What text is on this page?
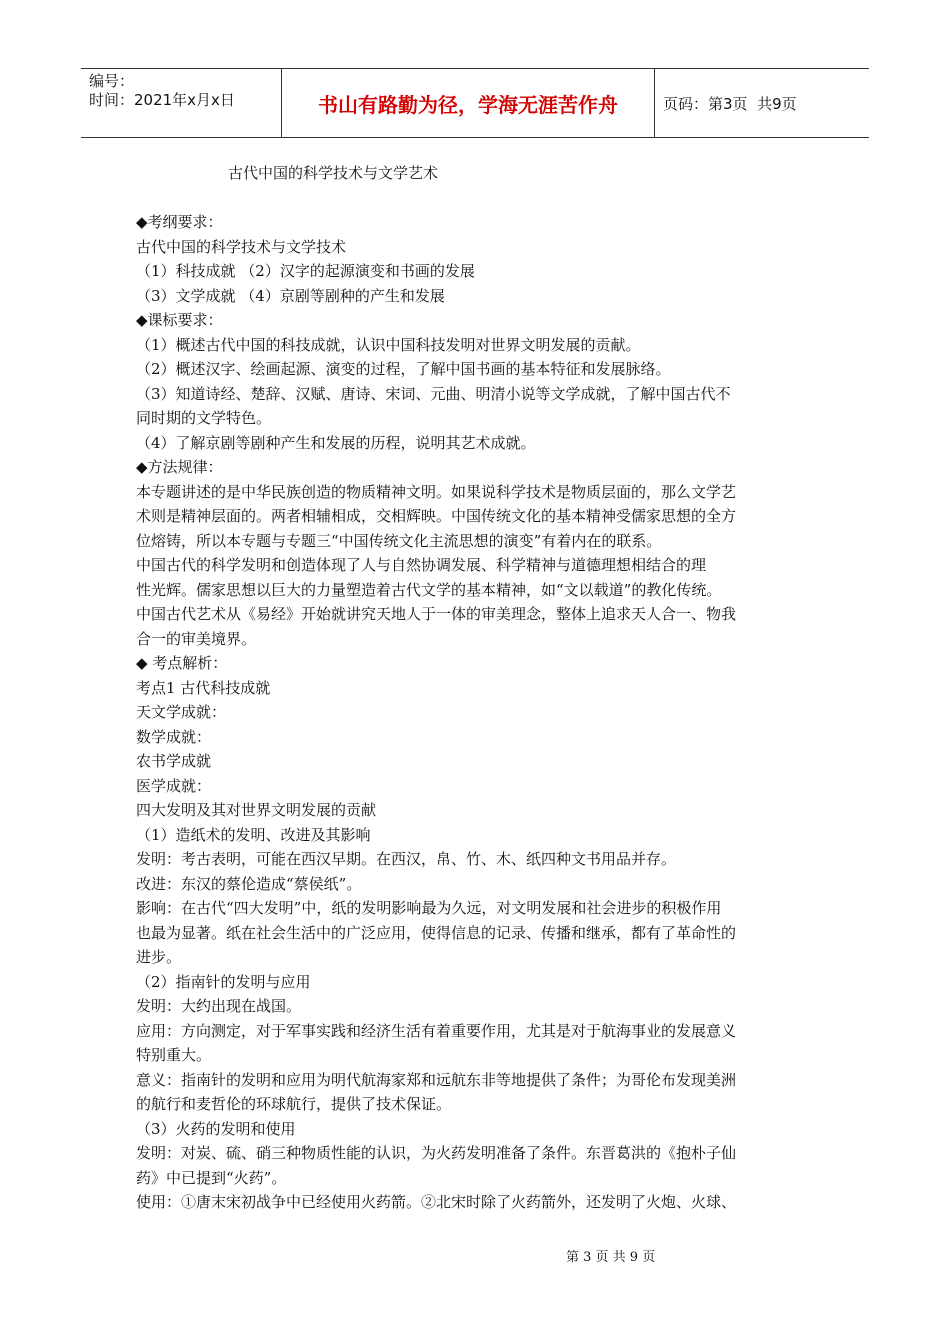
编号：
时间：2021年x月x日	书山有路勤为径，学海无涯苦作舟	页码：第3页  共9页
古代中国的科学技术与文学艺术
◆考纲要求：
古代中国的科学技术与文学技术
（1）科技成就 （2）汉字的起源演变和书画的发展
（3）文学成就 （4）京剧等剧种的产生和发展
◆课标要求：
（1）概述古代中国的科技成就，认识中国科技发明对世界文明发展的贡献。
（2）概述汉字、绘画起源、演变的过程，了解中国书画的基本特征和发展脉络。
（3）知道诗经、楚辞、汉赋、唐诗、宋词、元曲、明清小说等文学成就，了解中国古代不
同时期的文学特色。
（4）了解京剧等剧种产生和发展的历程，说明其艺术成就。
◆方法规律：
本专题讲述的是中华民族创造的物质精神文明。如果说科学技术是物质层面的，那么文学艺
术则是精神层面的。两者相辅相成，交相辉映。中国传统文化的基本精神受儒家思想的全方
位熔铸，所以本专题与专题三“中国传统文化主流思想的演变”有着内在的联系。
中国古代的科学发明和创造体现了人与自然协调发展、科学精神与道德理想相结合的理
性光辉。儒家思想以巨大的力量塑造着古代文学的基本精神，如“文以载道”的教化传统。
中国古代艺术从《易经》开始就讲究天地人于一体的审美理念，整体上追求天人合一、物我
合一的审美境界。
◆ 考点解析：
考点1 古代科技成就
天文学成就：
数学成就：
农书学成就
医学成就：
四大发明及其对世界文明发展的贡献
（1）造纸术的发明、改进及其影响
发明：考古表明，可能在西汉早期。在西汉，帛、竹、木、纸四种文书用品并存。
改进：东汉的蔡伦造成“蔡侯纸”。
影响：在古代“四大发明”中，纸的发明影响最为久远，对文明发展和社会进步的积极作用
也最为显著。纸在社会生活中的广泛应用，使得信息的记录、传播和继承，都有了革命性的
进步。
（2）指南针的发明与应用
发明：大约出现在战国。
应用：方向测定，对于军事实践和经济生活有着重要作用，尤其是对于航海事业的发展意义
特别重大。
意义：指南针的发明和应用为明代航海家郑和远航东非等地提供了条件；为哥伦布发现美洲
的航行和麦哲伦的环球航行，提供了技术保证。
（3）火药的发明和使用
发明：对炭、硫、硝三种物质性能的认识，为火药发明准备了条件。东晋葛洪的《抱朴子仙
药》中已提到“火药”。
使用：①唐末宋初战争中已经使用火药箭。②北宋时除了火药箭外，还发明了火炮、火球、
第 3 页 共 9 页
